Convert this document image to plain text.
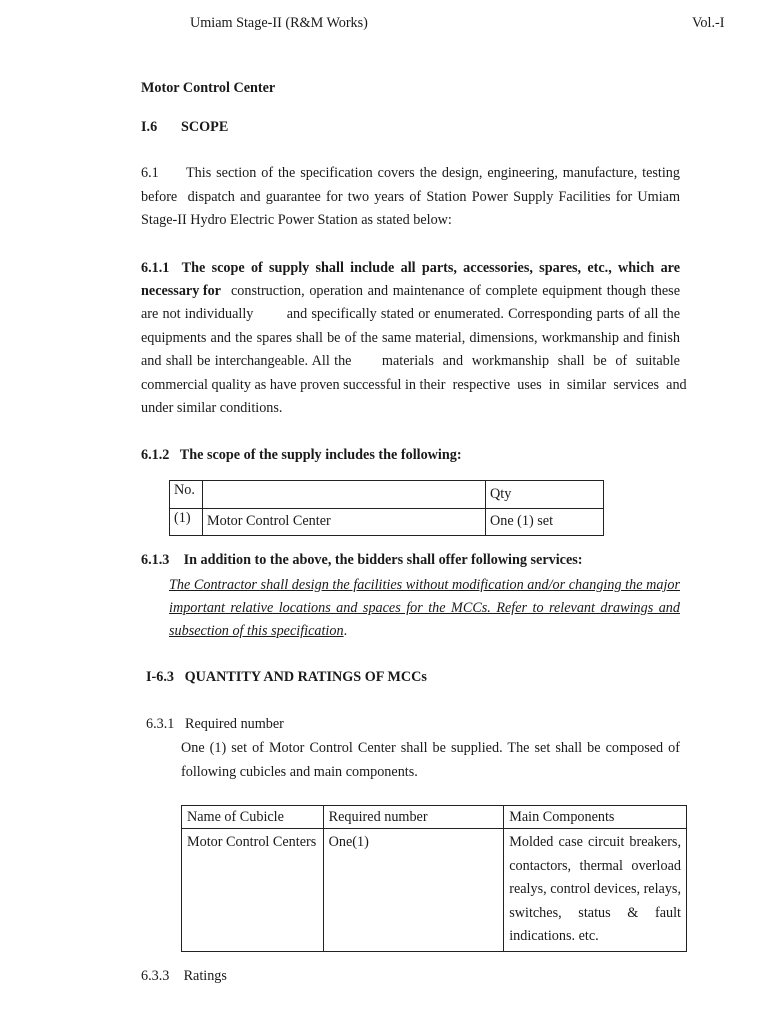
Umiam Stage-II (R&M Works)	Vol.-I
Motor Control Center
I.6 SCOPE
6.1 This section of the specification covers the design, engineering, manufacture, testing
before  dispatch and guarantee for two years of Station Power Supply Facilities for Umiam
Stage-II Hydro Electric Power Station as stated below:
6.1.1  The scope of supply shall include all parts, accessories, spares, etc., which are
necessary for construction, operation and maintenance of complete equipment though these
are not individually        and specifically stated or enumerated. Corresponding parts of all the
equipments and the spares shall be of the same material, dimensions, workmanship and finish
and shall be interchangeable. All the       materials  and  workmanship  shall  be  of  suitable
commercial quality as have proven successful in their  respective  uses  in  similar  services  and
under similar conditions.
6.1.2   The scope of the supply includes the following:
No.		Qty
(1)	Motor Control Center	One (1) set
6.1.3    In addition to the above, the bidders shall offer following services:
The Contractor shall design the facilities without modification and/or changing the major
important relative locations and spaces for the MCCs. Refer to relevant drawings and
subsection of this specification.
I-6.3   QUANTITY AND RATINGS OF MCCs
6.3.1   Required number
One (1) set of Motor Control Center shall be supplied. The set shall be composed of
following cubicles and main components.
Name of Cubicle	Required number	Main Components
Motor Control Centers	One(1)	Molded case circuit breakers,
contactors, thermal overload
realys, control devices, relays,
switches,    status    &    fault
indications. etc.
6.3.3    Ratings
